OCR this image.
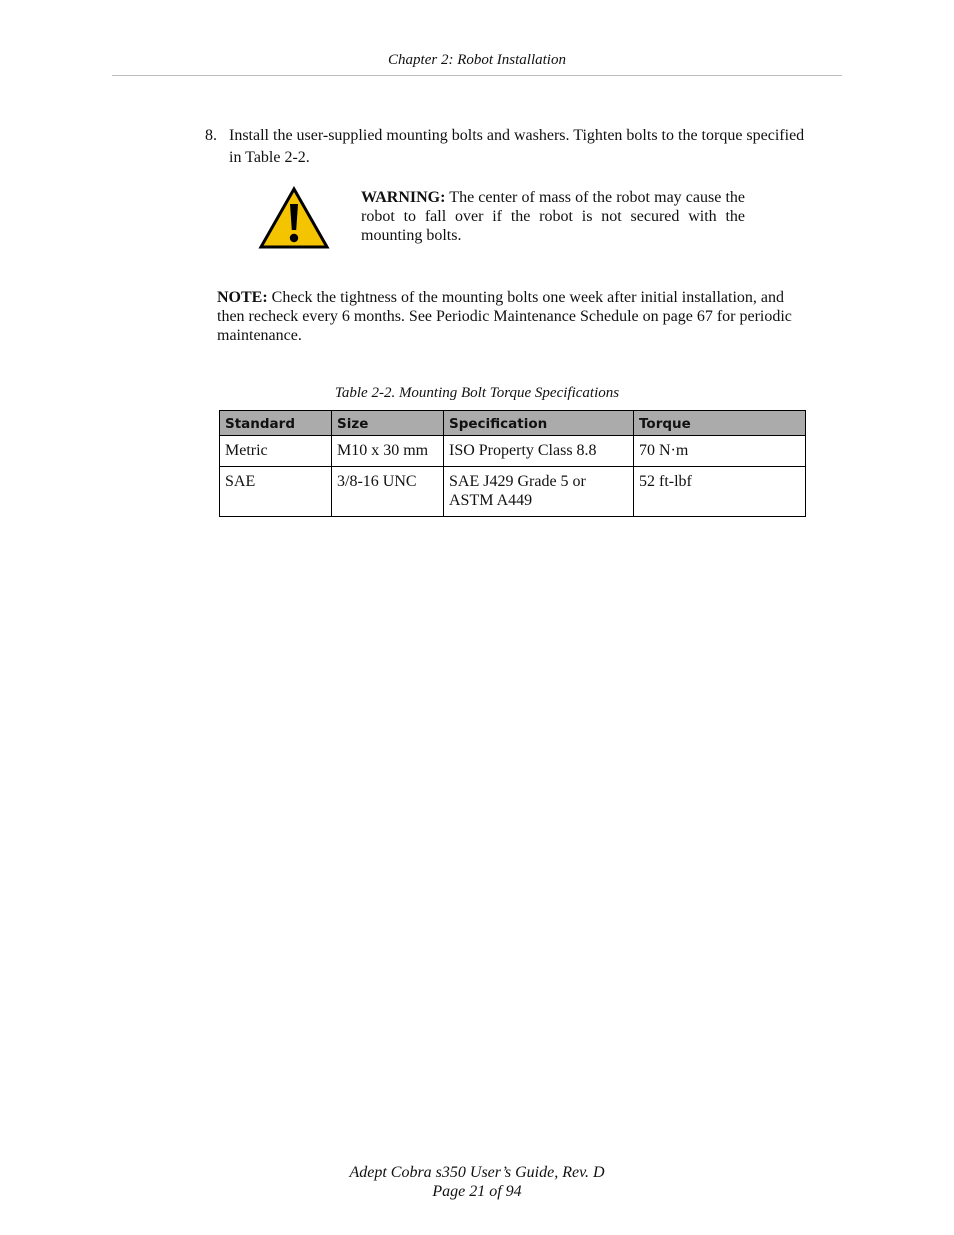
Chapter 2: Robot Installation
8. Install the user-supplied mounting bolts and washers. Tighten bolts to the torque specified in Table 2-2.
WARNING: The center of mass of the robot may cause the robot to fall over if the robot is not secured with the mounting bolts.
NOTE: Check the tightness of the mounting bolts one week after initial installation, and then recheck every 6 months. See Periodic Maintenance Schedule on page 67 for periodic maintenance.
Table 2-2. Mounting Bolt Torque Specifications
Standard	Size	Specification	Torque
Metric	M10 x 30 mm	ISO Property Class 8.8	70 N·m
SAE	3/8-16 UNC	SAE J429 Grade 5 or ASTM A449	52 ft-lbf
Adept Cobra s350 User’s Guide, Rev. D
Page 21 of 94
